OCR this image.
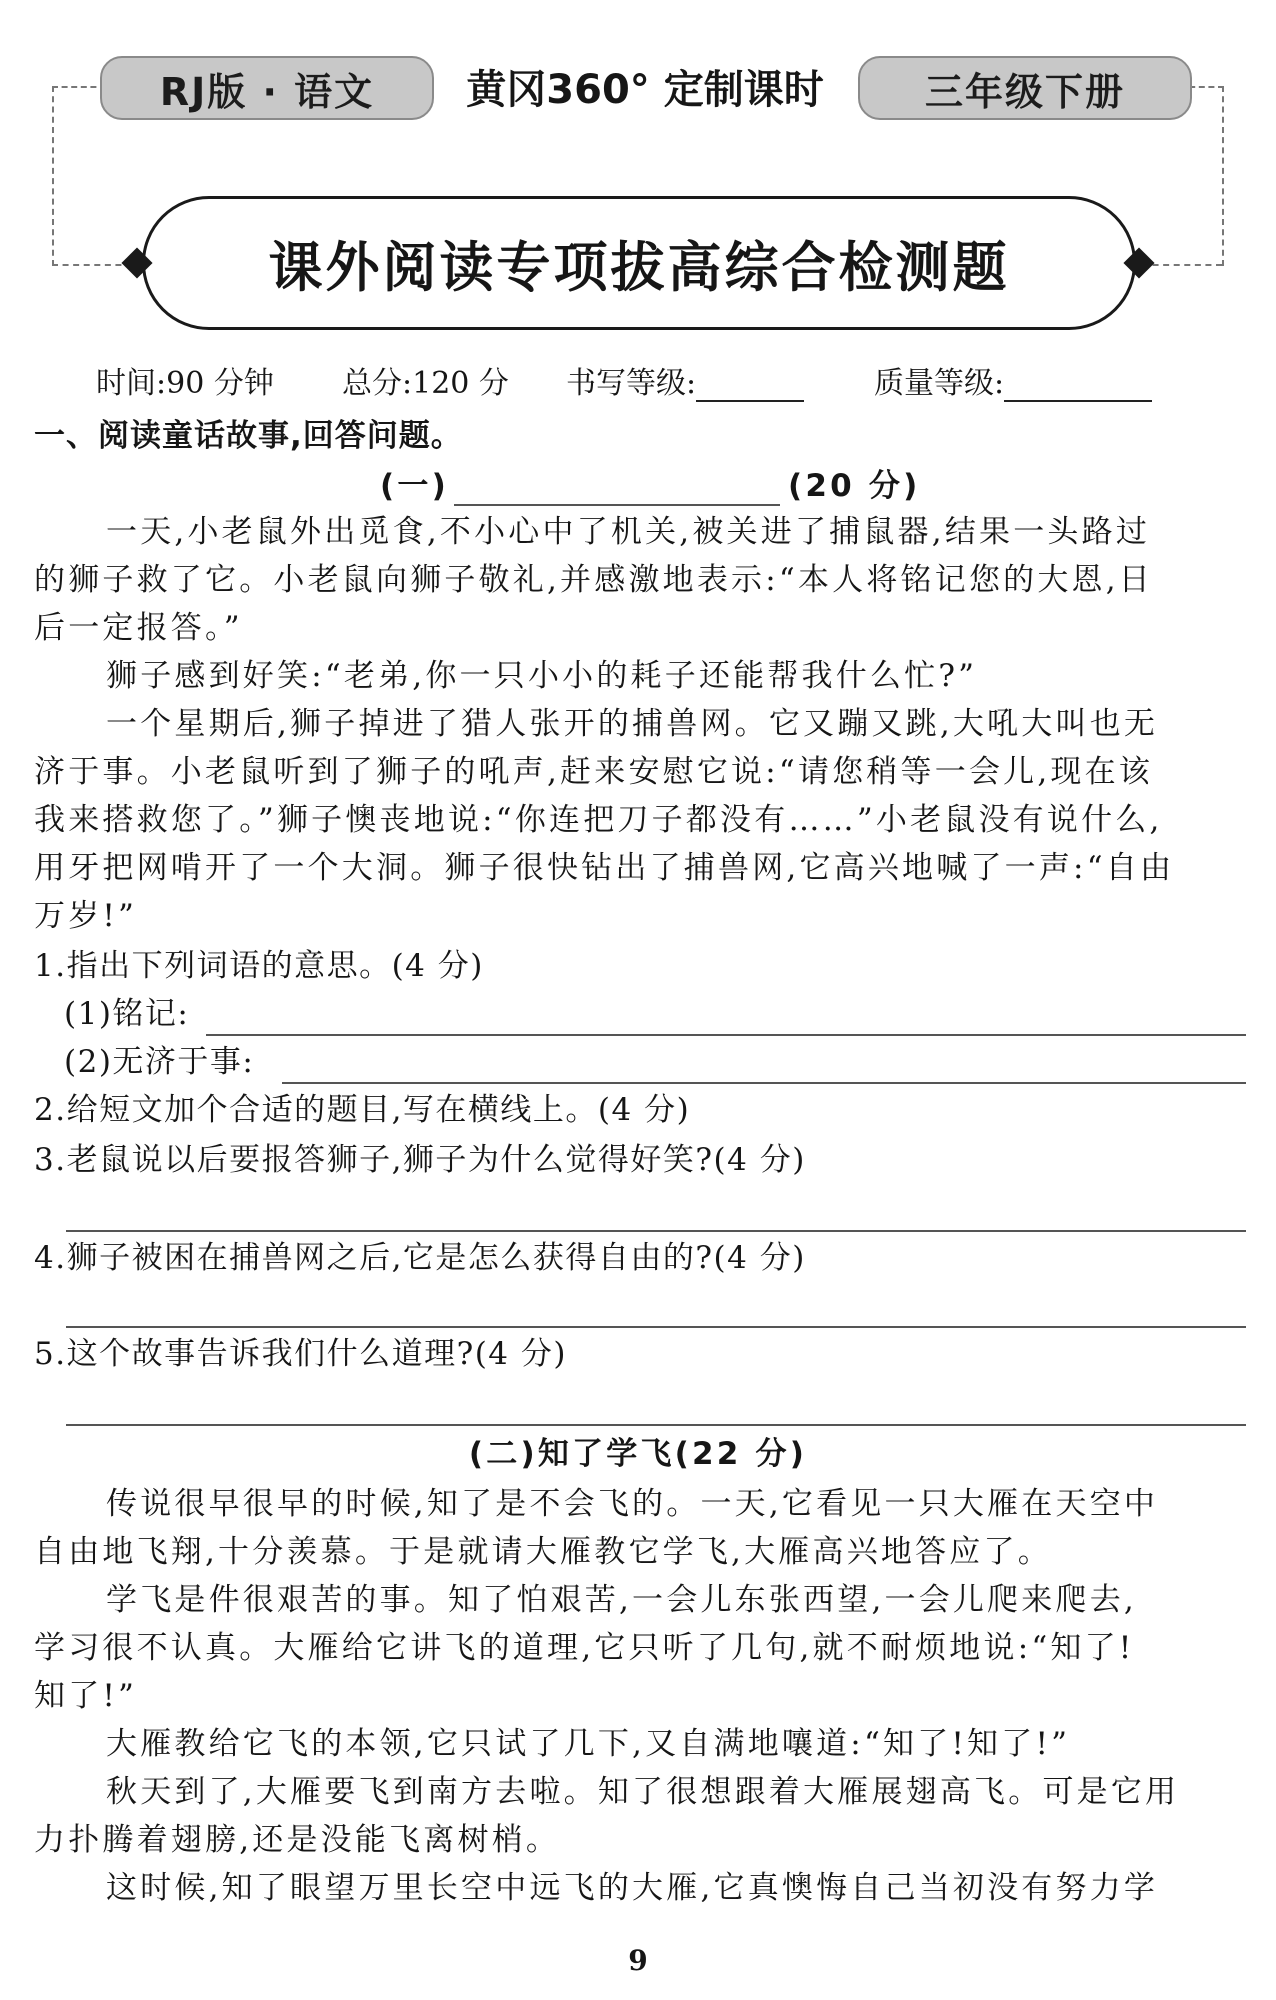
RJ版 · 语文	黄冈360° 定制课时	三年级下册
课外阅读专项拔高综合检测题
时间:90 分钟 总分:120 分 书写等级:	质量等级:
一、阅读童话故事,回答问题。
(一)	(20 分)
一天,小老鼠外出觅食,不小心中了机关,被关进了捕鼠器,结果一头路过
的狮子救了它。小老鼠向狮子敬礼,并感激地表示:“本人将铭记您的大恩,日
后一定报答。”
狮子感到好笑:“老弟,你一只小小的耗子还能帮我什么忙?”
一个星期后,狮子掉进了猎人张开的捕兽网。它又蹦又跳,大吼大叫也无
济于事。小老鼠听到了狮子的吼声,赶来安慰它说:“请您稍等一会儿,现在该
我来搭救您了。”狮子懊丧地说:“你连把刀子都没有……”小老鼠没有说什么,
用牙把网啃开了一个大洞。狮子很快钻出了捕兽网,它高兴地喊了一声:“自由
万岁!”
1.指出下列词语的意思。(4 分)
(1)铭记:
(2)无济于事:
2.给短文加个合适的题目,写在横线上。(4 分)
3.老鼠说以后要报答狮子,狮子为什么觉得好笑?(4 分)
4.狮子被困在捕兽网之后,它是怎么获得自由的?(4 分)
5.这个故事告诉我们什么道理?(4 分)
(二)知了学飞(22 分)
传说很早很早的时候,知了是不会飞的。一天,它看见一只大雁在天空中
自由地飞翔,十分羡慕。于是就请大雁教它学飞,大雁高兴地答应了。
学飞是件很艰苦的事。知了怕艰苦,一会儿东张西望,一会儿爬来爬去,
学习很不认真。大雁给它讲飞的道理,它只听了几句,就不耐烦地说:“知了!
知了!”
大雁教给它飞的本领,它只试了几下,又自满地嚷道:“知了!知了!”
秋天到了,大雁要飞到南方去啦。知了很想跟着大雁展翅高飞。可是它用
力扑腾着翅膀,还是没能飞离树梢。
这时候,知了眼望万里长空中远飞的大雁,它真懊悔自己当初没有努力学
9
